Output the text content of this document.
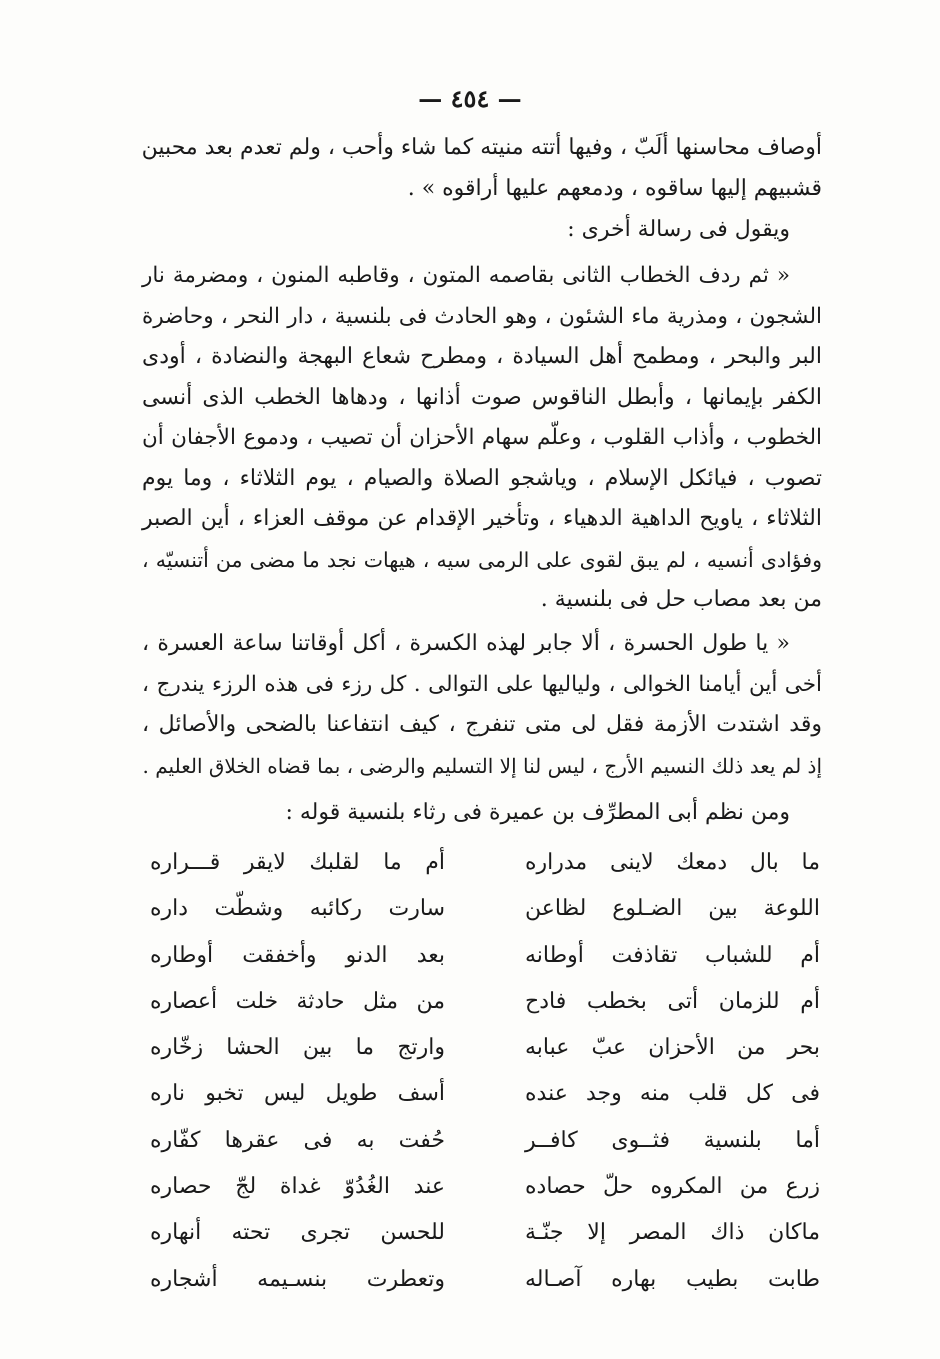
— ٤٥٤ —
أوصاف محاسنها ألَبّ ، وفيها أتته منيته كما شاء وأحب ، ولم تعدم بعد محبين
قشبيهم إليها ساقوه ، ودمعهم عليها أراقوه » .
ويقول فى رسالة أخرى :
« ثم ردف الخطاب الثانى بقاصمه المتون ، وقاطبه المنون ، ومضرمة نار
الشجون ، ومذرية ماء الشئون ، وهو الحادث فى بلنسية ، دار النحر ، وحاضرة
البر والبحر ، ومطمح أهل السيادة ، ومطرح شعاع البهجة والنضادة ، أودى
الكفر بإيمانها ، وأبطل الناقوس صوت أذانها ، ودهاها الخطب الذى أنسى
الخطوب ، وأذاب القلوب ، وعلّم سهام الأحزان أن تصيب ، ودموع الأجفان أن
تصوب ، فيائكل الإسلام ، وياشجو الصلاة والصيام ، يوم الثلاثاء ، وما يوم
الثلاثاء ، ياويح الداهية الدهياء ، وتأخير الإقدام عن موقف العزاء ، أين الصبر
وفؤادى أنسيه ، لم يبق لقوى على الرمى سيه ، هيهات نجد ما مضى من أتنسيّه ،
من بعد مصاب حل فى بلنسية .
« يا طول الحسرة ، ألا جابر لهذه الكسرة ، أكل أوقاتنا ساعة العسرة ،
أخى أين أيامنا الخوالى ، ولياليها على التوالى . كل رزء فى هذه الرزء يندرج ،
وقد اشتدت الأزمة فقل لى متى تنفرج ، كيف انتفاعنا بالضحى والأصائل ،
إذ لم يعد ذلك النسيم الأرج ، ليس لنا إلا التسليم والرضى ، بما قضاه الخلاق العليم .
ومن نظم أبى المطرِّف بن عميرة فى رثاء بلنسية قوله :
ما بال دمعك لاينى مدراره
أم ما لقلبك لايقر قـــراره
اللوعة بين الضـلوع لظاعن
سارت ركائبه وشطّت داره
أم للشباب تقاذفت أوطانه
بعد الدنو وأخفقت أوطاره
أم للزمان أتى بخطب فادح
من مثل حادثة خلت أعصاره
بحر من الأحزان عبّ عبابه
وارتج ما بين الحشا زخّاره
فى كل قلب منه وجد عنده
أسف طويل ليس تخبو ناره
أما بلنسية فثــوى كافــر
حُفت به فى عقرها كفّاره
زرع من المكروه حلّ حصاده
عند الغُدُوّ غداة لجّ حصاره
ماكان ذاك المصر إلا جنّـة
للحسن تجرى تحته أنهاره
طابت بطيب بهاره آصـاله
وتعطرت بنسـيمه أشجاره
